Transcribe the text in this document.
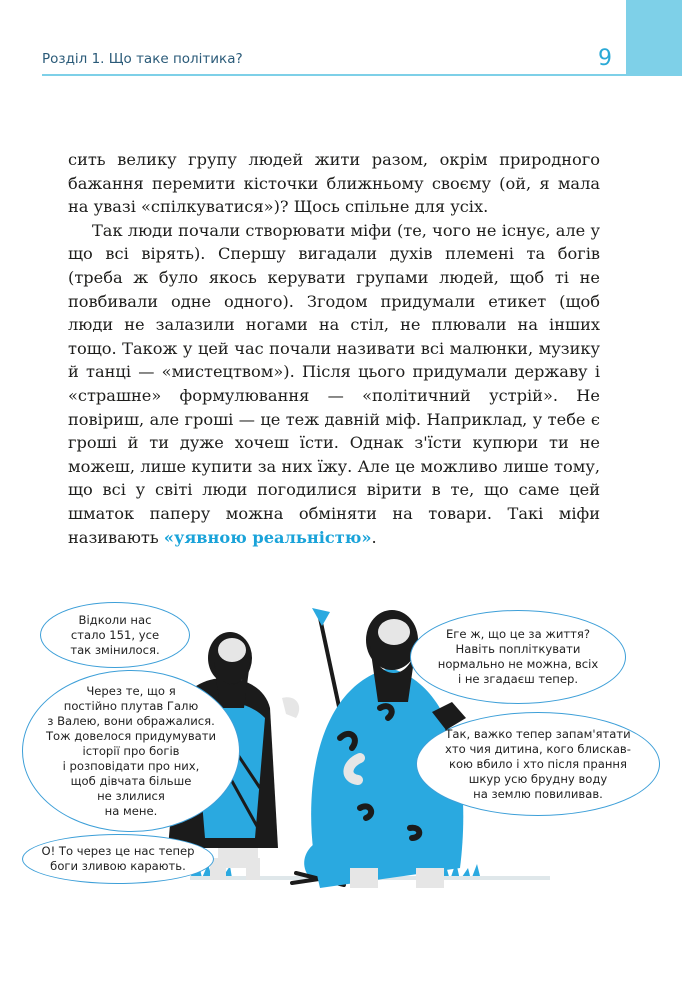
Розділ 1. Що таке політика?	9

сить велику групу людей жити разом, окрім природного бажання перемити кісточки ближньому своєму (ой, я мала на увазі «спілкуватися»)? Щось спільне для усіх.

Так люди почали створювати міфи (те, чого не існує, але у що всі вірять). Спершу вигадали духів племені та богів (треба ж було якось керувати групами людей, щоб ті не повбивали одне одного). Згодом придумали етикет (щоб люди не залазили ногами на стіл, не плювали на інших тощо. Також у цей час почали називати всі малюнки, музику й танці — «мистецтвом»). Після цього придумали державу і «страшне» формулювання — «політичний устрій». Не повіриш, але гроші — це теж давній міф. Наприклад, у тебе є гроші й ти дуже хочеш їсти. Однак з'їсти купюри ти не можеш, лише купити за них їжу. Але це можливо лише тому, що всі у світі люди погодилися вірити в те, що саме цей шматок паперу можна обміняти на товари. Такі міфи називають «уявною реальністю».

Відколи нас
стало 151, усе
так змінилося.
Через те, що я
постійно плутав Галю
з Валею, вони ображалися.
Тож довелося придумувати
історії про богів
і розповідати про них,
щоб дівчата більше
не злилися
на мене.
О! То через це нас тепер
боги зливою карають.
Еге ж, що це за життя?
Навіть попліткувати
нормально не можна, всіх
і не згадаєш тепер.
Так, важко тепер запам'ятати
хто чия дитина, кого блискав-
кою вбило і хто після прання
шкур усю брудну воду
на землю повиливав.
